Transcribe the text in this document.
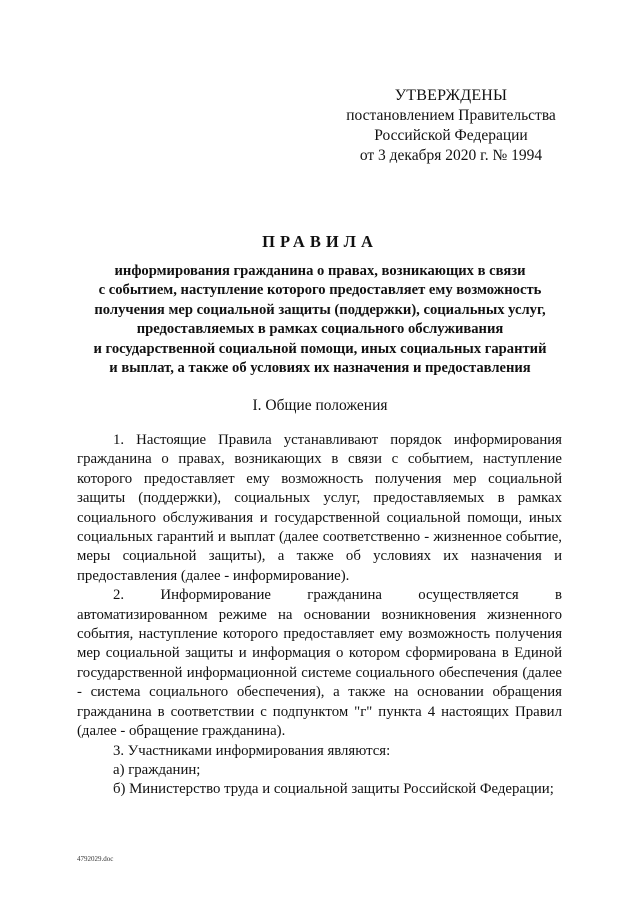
УТВЕРЖДЕНЫ
постановлением Правительства
Российской Федерации
от 3 декабря 2020 г. № 1994
ПРАВИЛА
информирования гражданина о правах, возникающих в связи
с событием, наступление которого предоставляет ему возможность
получения мер социальной защиты (поддержки), социальных услуг,
предоставляемых в рамках социального обслуживания
и государственной социальной помощи, иных социальных гарантий
и выплат, а также об условиях их назначения и предоставления
I. Общие положения

1. Настоящие Правила устанавливают порядок информирования гражданина о правах, возникающих в связи с событием, наступление которого предоставляет ему возможность получения мер социальной защиты (поддержки), социальных услуг, предоставляемых в рамках социального обслуживания и государственной социальной помощи, иных социальных гарантий и выплат (далее соответственно - жизненное событие, меры социальной защиты), а также об условиях их назначения и предоставления (далее - информирование).

2. Информирование гражданина осуществляется в автоматизированном режиме на основании возникновения жизненного события, наступление которого предоставляет ему возможность получения мер социальной защиты и информация о котором сформирована в Единой государственной информационной системе социального обеспечения (далее - система социального обеспечения), а также на основании обращения гражданина в соответствии с подпунктом "г" пункта 4 настоящих Правил (далее - обращение гражданина).

3. Участниками информирования являются:

а) гражданин;

б) Министерство труда и социальной защиты Российской Федерации;

4792029.doc
